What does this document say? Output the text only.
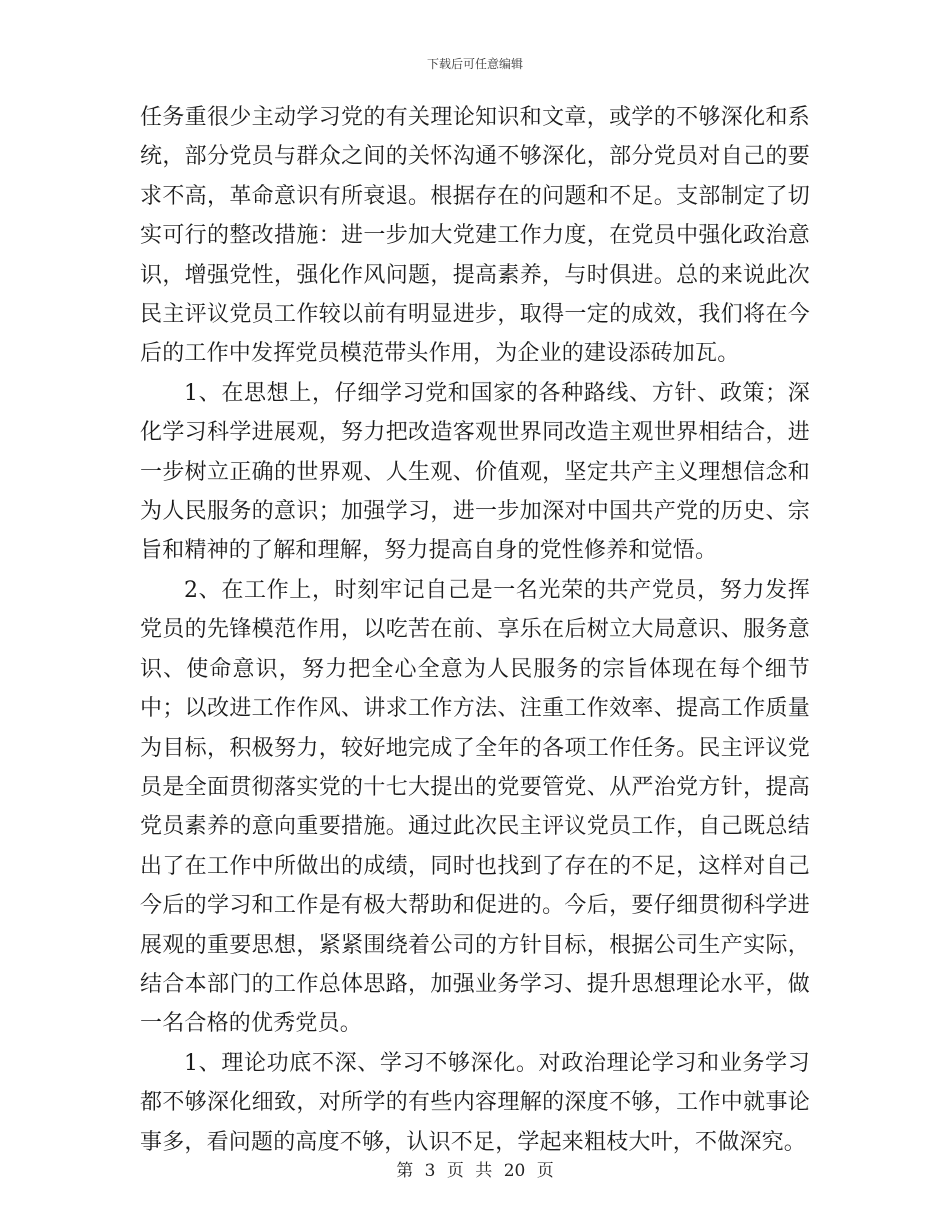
下载后可任意编辑

任务重很少主动学习党的有关理论知识和文章，或学的不够深化和系统，部分党员与群众之间的关怀沟通不够深化，部分党员对自己的要求不高，革命意识有所衰退。根据存在的问题和不足。支部制定了切实可行的整改措施：进一步加大党建工作力度，在党员中强化政治意识，增强党性，强化作风问题，提高素养，与时俱进。总的来说此次民主评议党员工作较以前有明显进步，取得一定的成效，我们将在今后的工作中发挥党员模范带头作用，为企业的建设添砖加瓦。

1、在思想上，仔细学习党和国家的各种路线、方针、政策；深化学习科学进展观，努力把改造客观世界同改造主观世界相结合，进一步树立正确的世界观、人生观、价值观，坚定共产主义理想信念和为人民服务的意识；加强学习，进一步加深对中国共产党的历史、宗旨和精神的了解和理解，努力提高自身的党性修养和觉悟。

2、在工作上，时刻牢记自己是一名光荣的共产党员，努力发挥党员的先锋模范作用，以吃苦在前、享乐在后树立大局意识、服务意识、使命意识，努力把全心全意为人民服务的宗旨体现在每个细节中；以改进工作作风、讲求工作方法、注重工作效率、提高工作质量为目标，积极努力，较好地完成了全年的各项工作任务。民主评议党员是全面贯彻落实党的十七大提出的党要管党、从严治党方针，提高党员素养的意向重要措施。通过此次民主评议党员工作，自己既总结出了在工作中所做出的成绩，同时也找到了存在的不足，这样对自己今后的学习和工作是有极大帮助和促进的。今后，要仔细贯彻科学进展观的重要思想，紧紧围绕着公司的方针目标，根据公司生产实际，结合本部门的工作总体思路，加强业务学习、提升思想理论水平，做一名合格的优秀党员。

1、理论功底不深、学习不够深化。对政治理论学习和业务学习都不够深化细致，对所学的有些内容理解的深度不够，工作中就事论事多，看问题的高度不够，认识不足，学起来粗枝大叶，不做深究。

第 3 页 共 20 页
